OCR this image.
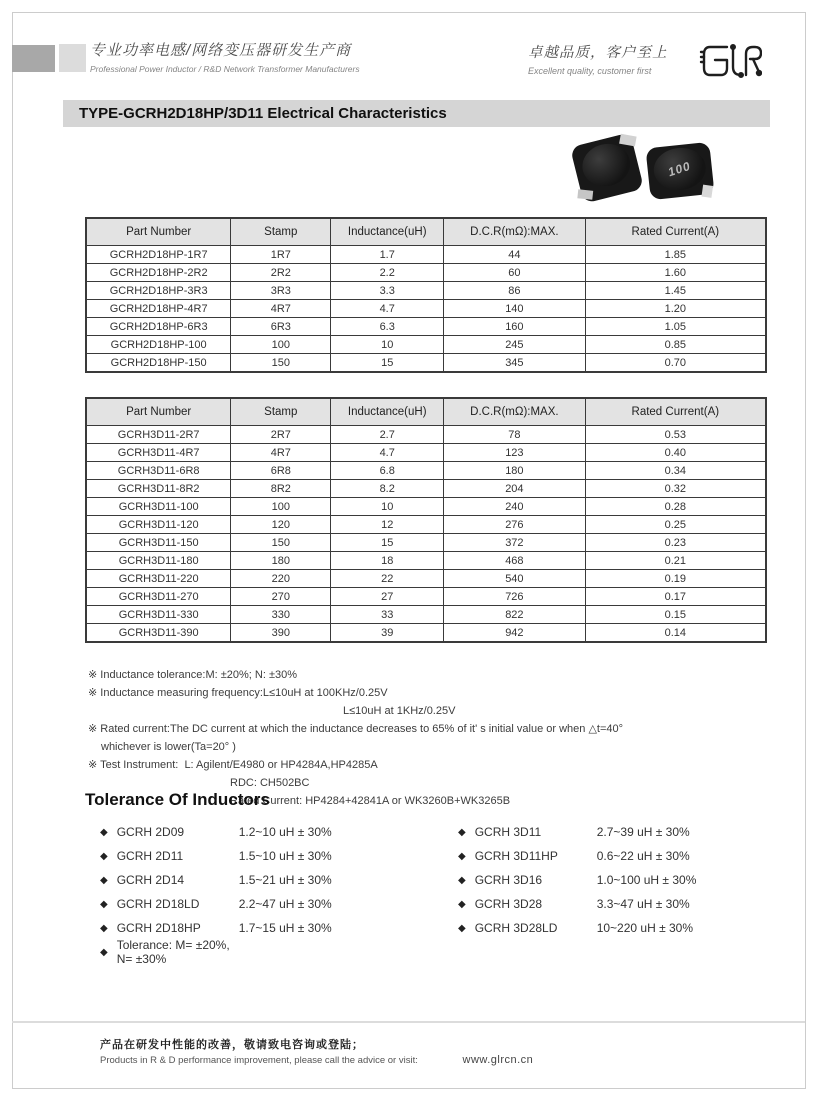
专业功率电感/网络变压器研发生产商
Professional Power Inductor / R&D Network Transformer Manufacturers
卓越品质，客户至上
Excellent quality, customer first
TYPE-GCRH2D18HP/3D11 Electrical Characteristics
100
Part Number	Stamp	Inductance(uH)	D.C.R(mΩ):MAX.	Rated Current(A)
GCRH2D18HP-1R7	1R7	1.7	44	1.85
GCRH2D18HP-2R2	2R2	2.2	60	1.60
GCRH2D18HP-3R3	3R3	3.3	86	1.45
GCRH2D18HP-4R7	4R7	4.7	140	1.20
GCRH2D18HP-6R3	6R3	6.3	160	1.05
GCRH2D18HP-100	100	10	245	0.85
GCRH2D18HP-150	150	15	345	0.70
Part Number	Stamp	Inductance(uH)	D.C.R(mΩ):MAX.	Rated Current(A)
GCRH3D11-2R7	2R7	2.7	78	0.53
GCRH3D11-4R7	4R7	4.7	123	0.40
GCRH3D11-6R8	6R8	6.8	180	0.34
GCRH3D11-8R2	8R2	8.2	204	0.32
GCRH3D11-100	100	10	240	0.28
GCRH3D11-120	120	12	276	0.25
GCRH3D11-150	150	15	372	0.23
GCRH3D11-180	180	18	468	0.21
GCRH3D11-220	220	22	540	0.19
GCRH3D11-270	270	27	726	0.17
GCRH3D11-330	330	33	822	0.15
GCRH3D11-390	390	39	942	0.14
※ Inductance tolerance:M: ±20%; N: ±30%
※ Inductance measuring frequency:L≤10uH at 100KHz/0.25V
L≤10uH at 1KHz/0.25V
※ Rated current:The DC current at which the inductance decreases to 65% of it' s initial value or when △t=40°
whichever is lower(Ta=20° )
※ Test Instrument:  L: Agilent/E4980 or HP4284A,HP4285A
RDC: CH502BC
Rated Current: HP4284+42841A or WK3260B+WK3265B
Tolerance Of Inductors
◆ GCRH 2D09	1.2~10 uH ± 30%
◆ GCRH 2D11	1.5~10 uH ± 30%
◆ GCRH 2D14	1.5~21 uH ± 30%
◆ GCRH 2D18LD	2.2~47 uH ± 30%
◆ GCRH 2D18HP	1.7~15 uH ± 30%
◆ Tolerance: M= ±20%, N= ±30%
◆ GCRH 3D11	2.7~39 uH ± 30%
◆ GCRH 3D11HP	0.6~22 uH ± 30%
◆ GCRH 3D16	1.0~100 uH ± 30%
◆ GCRH 3D28	3.3~47 uH ± 30%
◆ GCRH 3D28LD	10~220 uH ± 30%
产品在研发中性能的改善，敬请致电咨询或登陆；
Products in R & D performance improvement, please call the advice or visit:	www.glrcn.cn
